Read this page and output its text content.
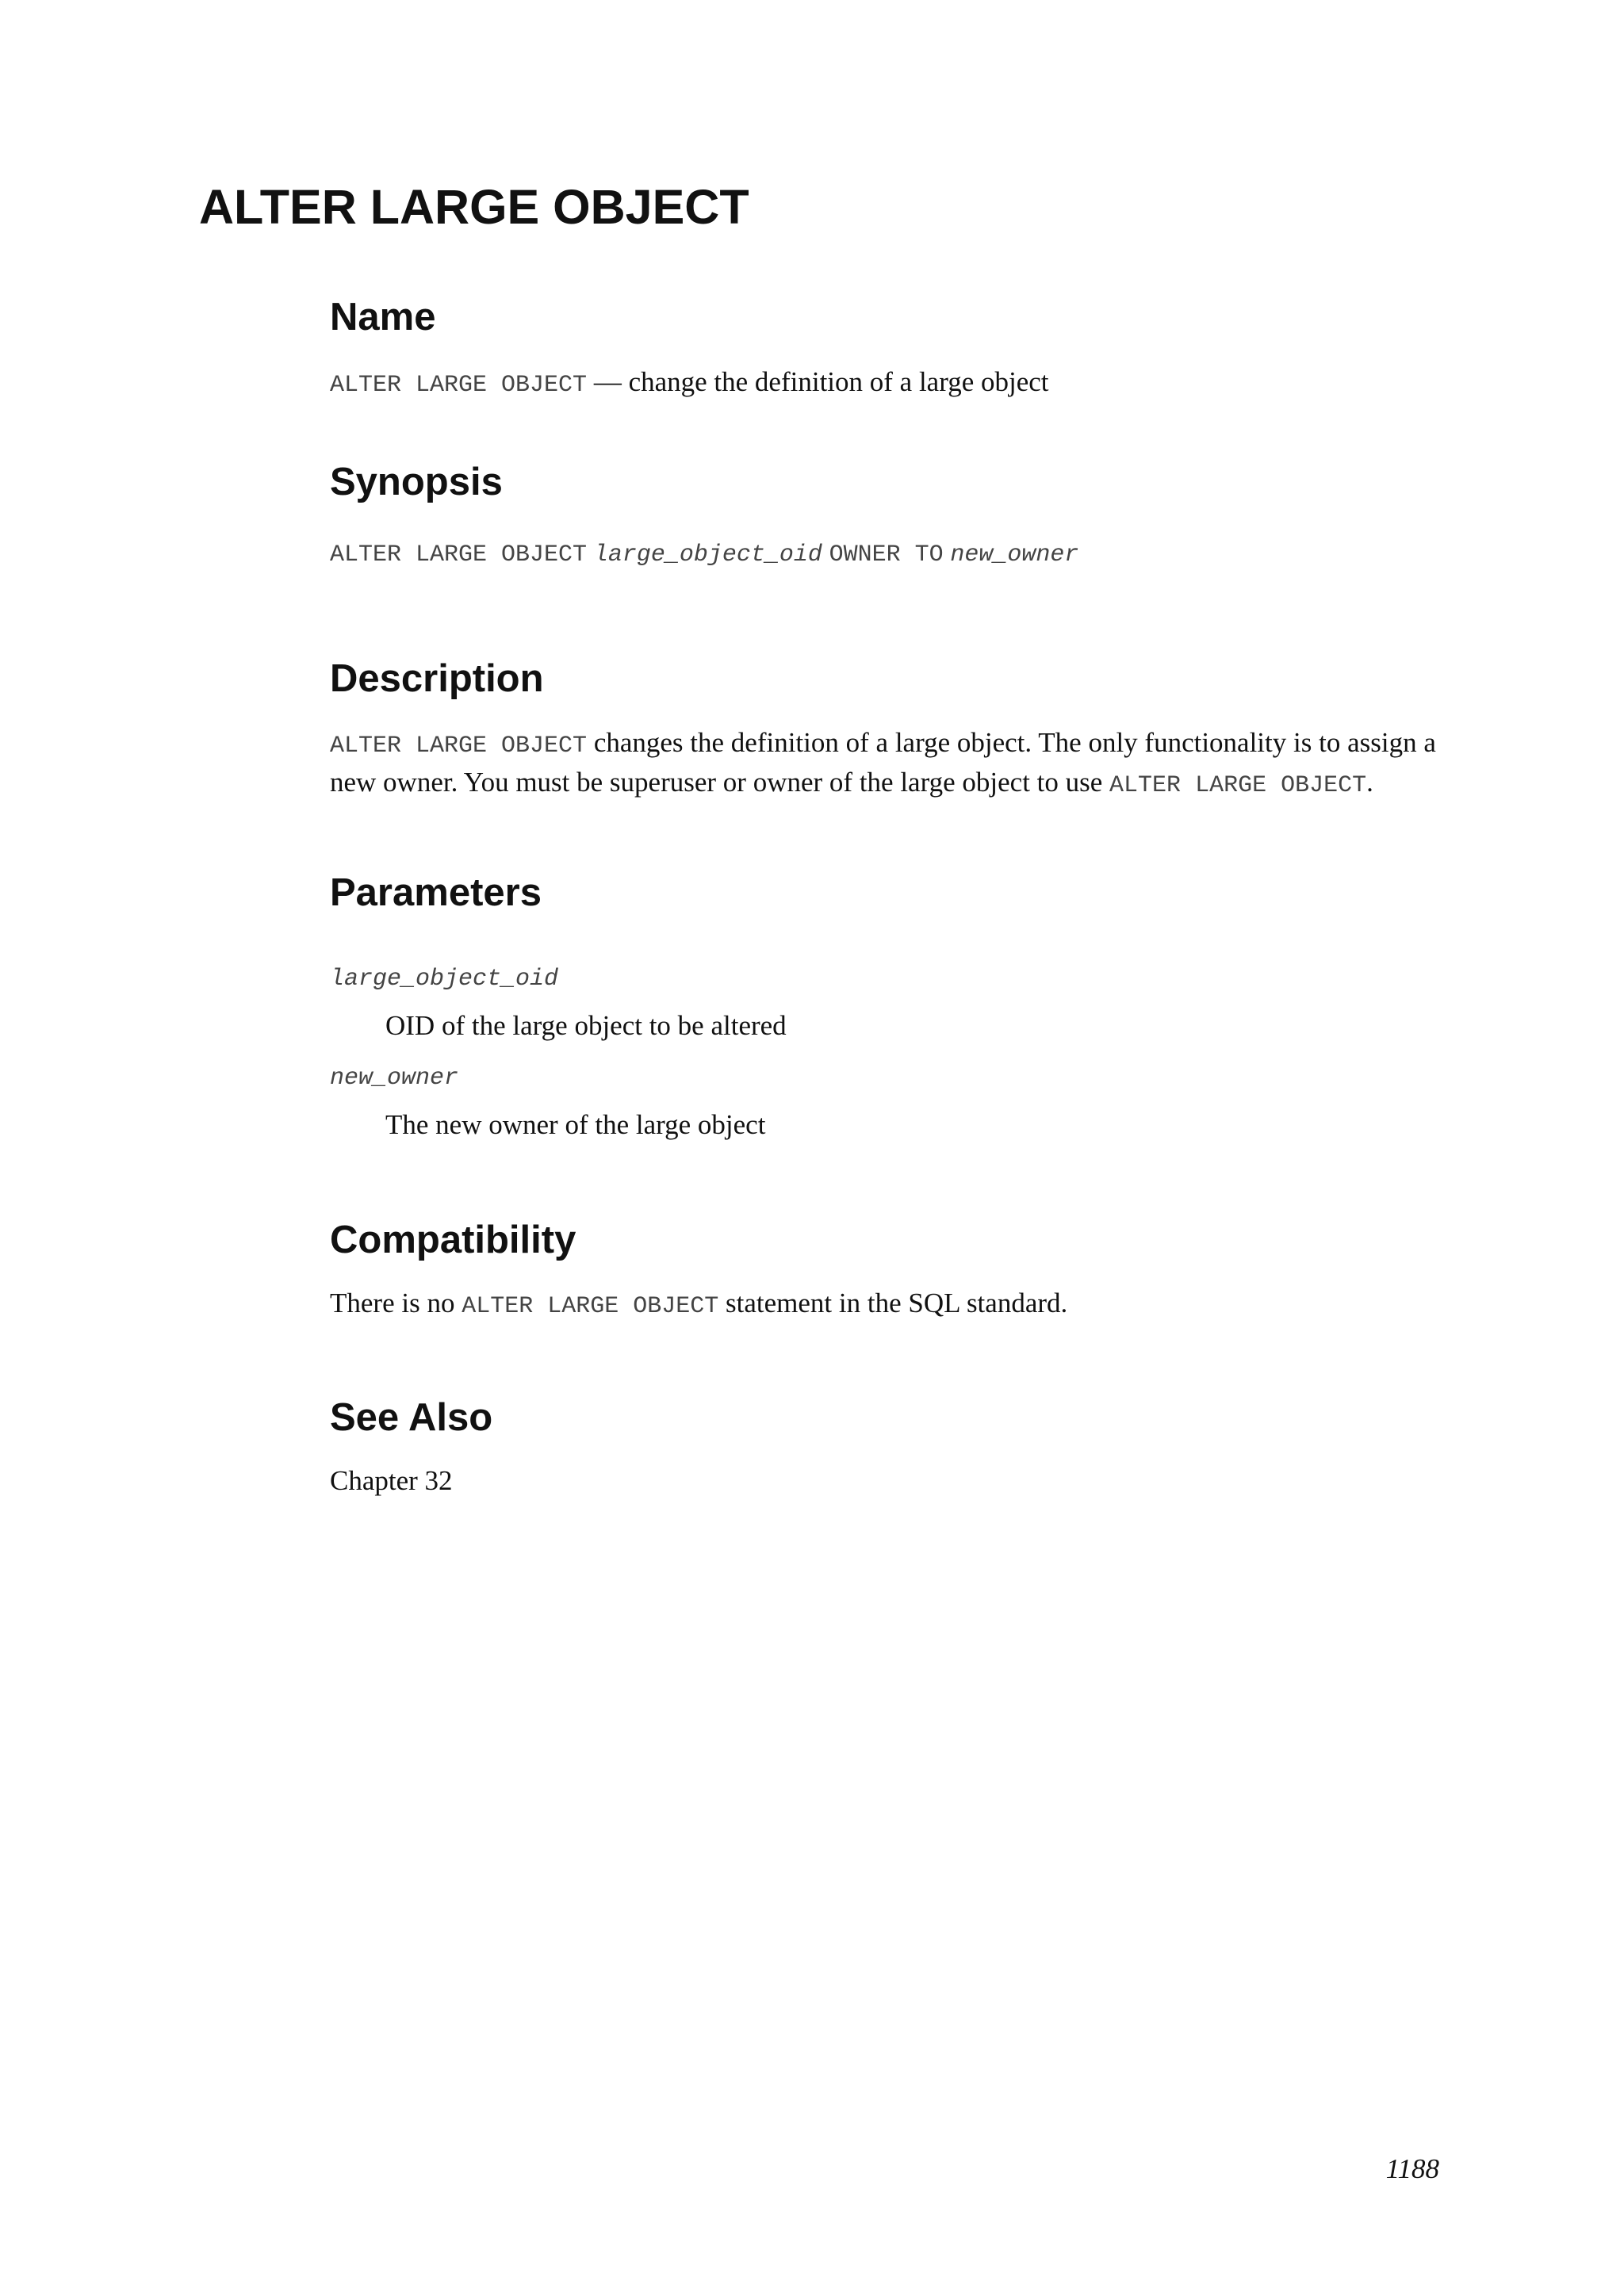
ALTER LARGE OBJECT
Name

ALTER LARGE OBJECT — change the definition of a large object

Synopsis

ALTER LARGE OBJECT large_object_oid OWNER TO new_owner

Description

ALTER LARGE OBJECT changes the definition of a large object. The only functionality is to assign a new owner. You must be superuser or owner of the large object to use ALTER LARGE OBJECT.

Parameters

large_object_oid

OID of the large object to be altered

new_owner

The new owner of the large object

Compatibility

There is no ALTER LARGE OBJECT statement in the SQL standard.

See Also

Chapter 32

1188
